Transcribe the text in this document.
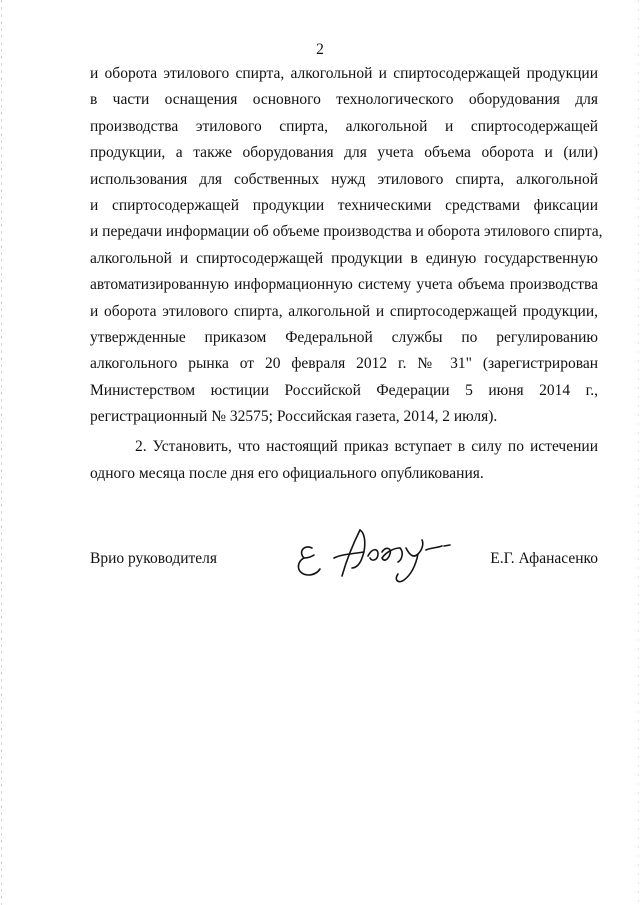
2
и оборота этилового спирта, алкогольной и спиртосодержащей продукции
в части оснащения основного технологического оборудования для
производства этилового спирта, алкогольной и спиртосодержащей
продукции, а также оборудования для учета объема оборота и (или)
использования для собственных нужд этилового спирта, алкогольной
и спиртосодержащей продукции техническими средствами фиксации
и передачи информации об объеме производства и оборота этилового спирта,
алкогольной и спиртосодержащей продукции в единую государственную
автоматизированную информационную систему учета объема производства
и оборота этилового спирта, алкогольной и спиртосодержащей продукции,
утвержденные приказом Федеральной службы по регулированию
алкогольного рынка от 20 февраля 2012 г. № 31" (зарегистрирован
Министерством юстиции Российской Федерации 5 июня 2014 г.,
регистрационный № 32575; Российская газета, 2014, 2 июля).
2. Установить, что настоящий приказ вступает в силу по истечении
одного месяца после дня его официального опубликования.
Врио руководителя	Е.Г. Афанасенко
